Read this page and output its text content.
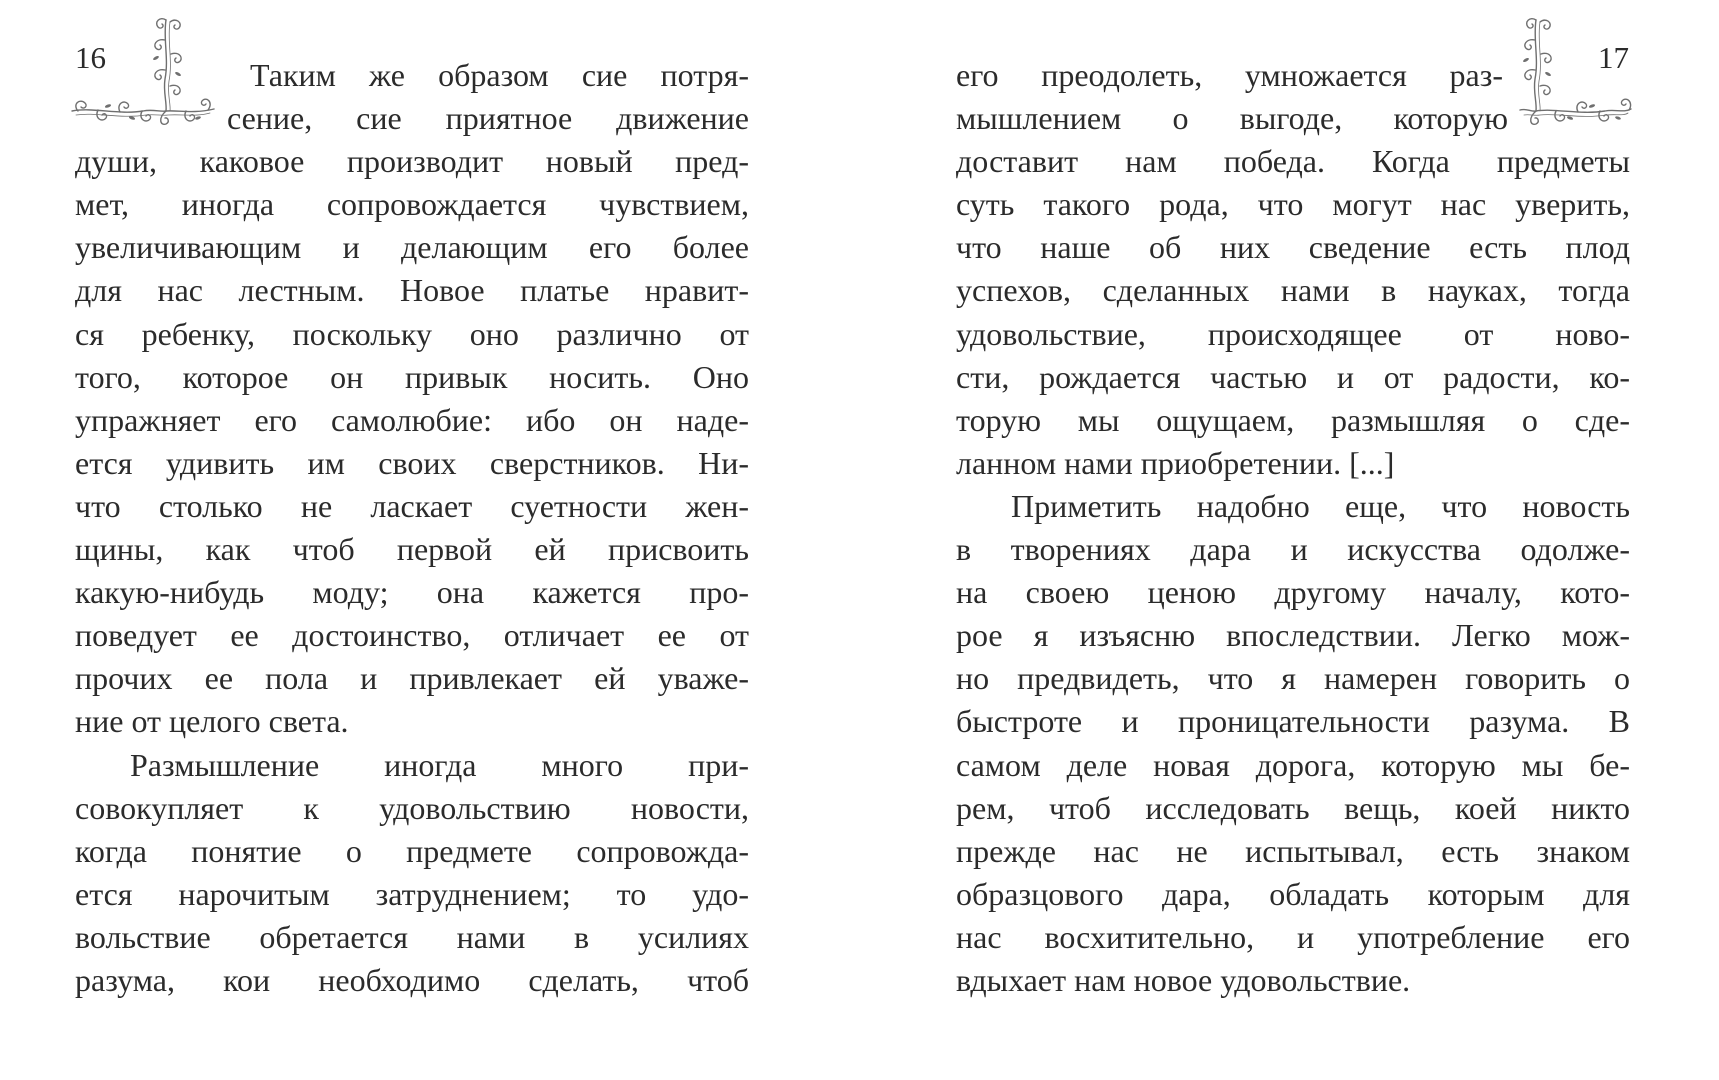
16	Таким же образом сие потря-
сение, сие приятное движение
души, каковое производит новый пред-
мет, иногда сопровождается чувствием,
увеличивающим и делающим его более
для нас лестным. Новое платье нравит-
ся ребенку, поскольку оно различно от
того, которое он привык носить. Оно
упражняет его самолюбие: ибо он наде-
ется удивить им своих сверстников. Ни-
что столько не ласкает суетности жен-
щины, как чтоб первой ей присвоить
какую-нибудь моду; она кажется про-
поведует ее достоинство, отличает ее от
прочих ее пола и привлекает ей уваже-
ние от целого света.
Размышление иногда много при-
совокупляет к удовольствию новости,
когда понятие о предмете сопровожда-
ется нарочитым затруднением; то удо-
вольствие обретается нами в усилиях
разума, кои необходимо сделать, чтоб
17
его преодолеть, умножается раз-
мышлением о выгоде, которую
доставит нам победа. Когда предметы
суть такого рода, что могут нас уверить,
что наше об них сведение есть плод
успехов, сделанных нами в науках, тогда
удовольствие, происходящее от ново-
сти, рождается частью и от радости, ко-
торую мы ощущаем, размышляя о сде-
ланном нами приобретении. [...]
Приметить надобно еще, что новость
в творениях дара и искусства одолже-
на своею ценою другому началу, кото-
рое я изъясню впоследствии. Легко мож-
но предвидеть, что я намерен говорить о
быстроте и проницательности разума. В
самом деле новая дорога, которую мы бе-
рем, чтоб исследовать вещь, коей никто
прежде нас не испытывал, есть знаком
образцового дара, обладать которым для
нас восхитительно, и употребление его
вдыхает нам новое удовольствие.
